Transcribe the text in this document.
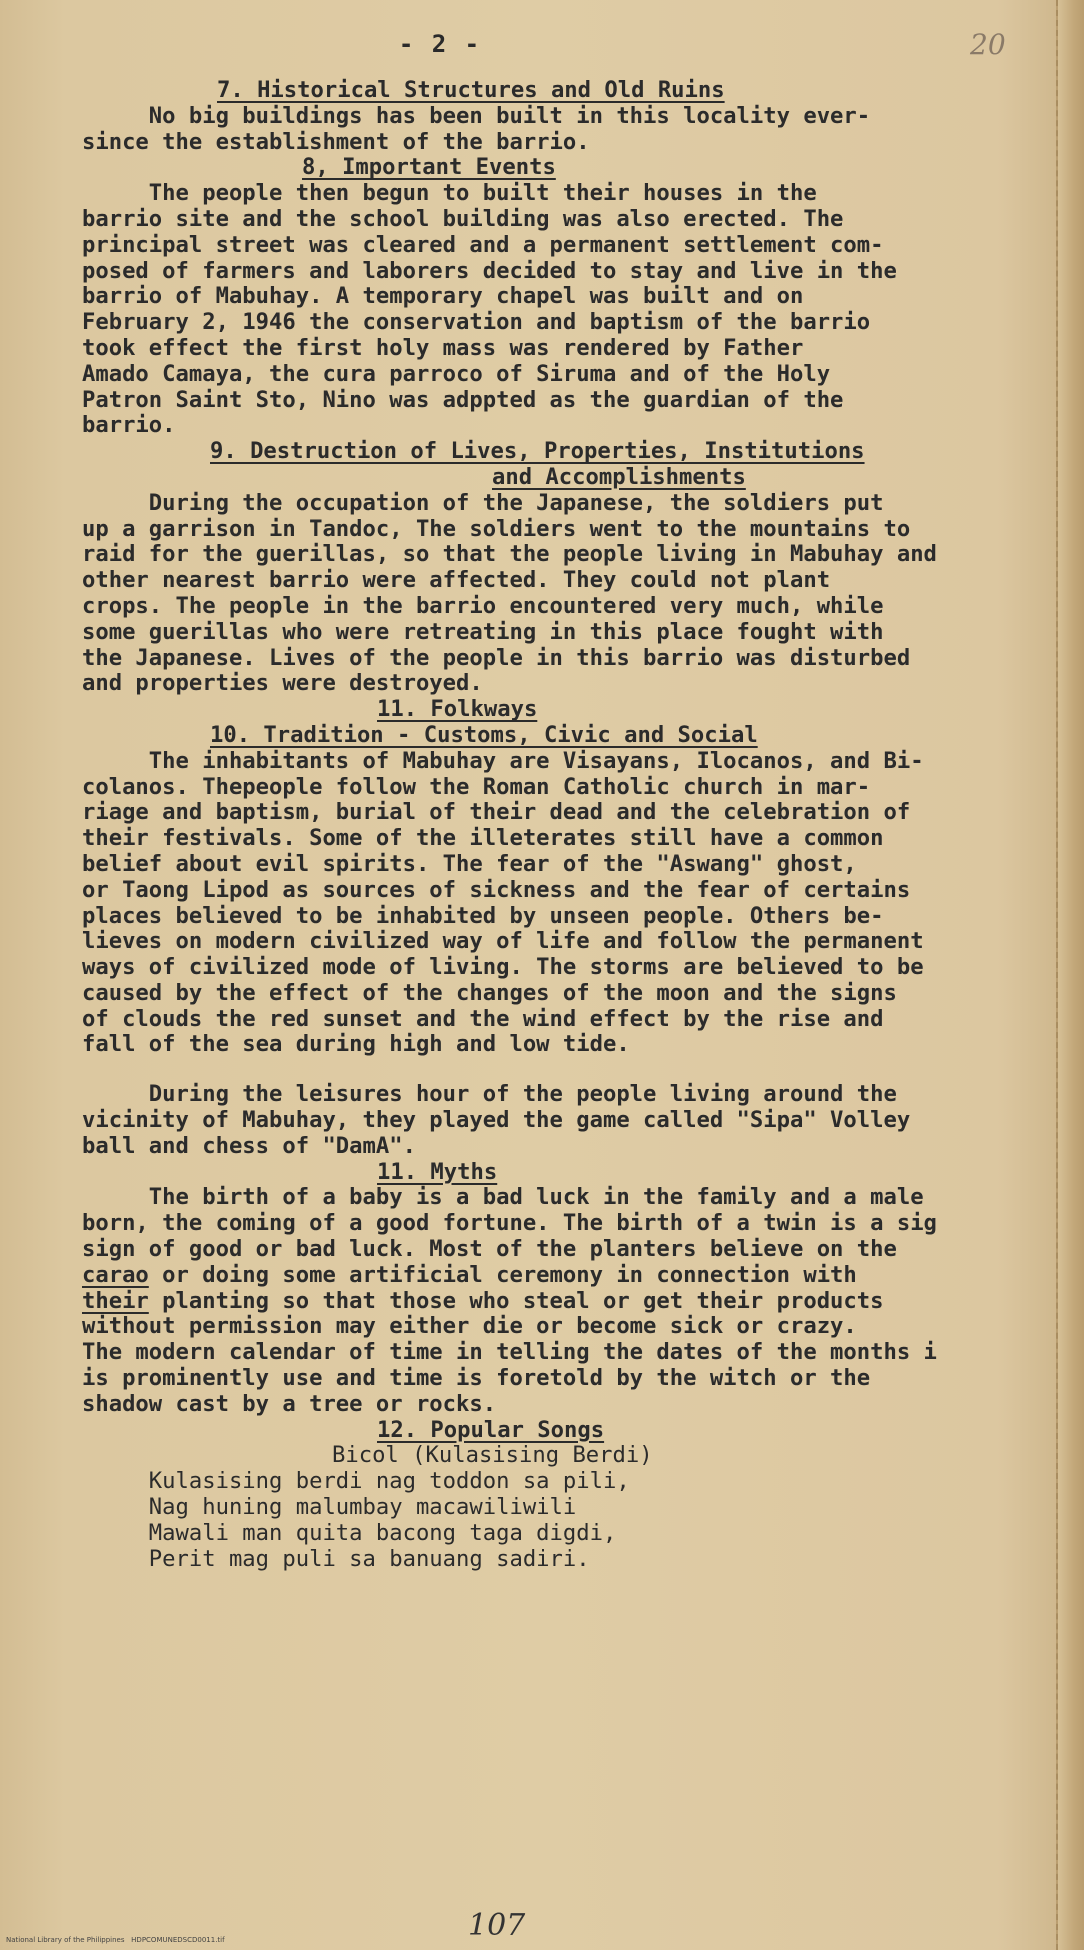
- 2 -	20

7. Historical Structures and Old Ruins

No big buildings has been built in this locality ever-

since the establishment of the barrio.

8, Important Events

The people then begun to built their houses in the

barrio site and the school building was also erected. The

principal street was cleared and a permanent settlement com-

posed of farmers and laborers decided to stay and live in the

barrio of Mabuhay. A temporary chapel was built and on

February 2, 1946 the conservation and baptism of the barrio

took effect the first holy mass was rendered by Father

Amado Camaya, the cura parroco of Siruma and of the Holy

Patron Saint Sto, Nino was adppted as the guardian of the

barrio.

9. Destruction of Lives, Properties, Institutions

and Accomplishments

During the occupation of the Japanese, the soldiers put

up a garrison in Tandoc, The soldiers went to the mountains to

raid for the guerillas, so that the people living in Mabuhay and

other nearest barrio were affected. They could not plant

crops. The people in the barrio encountered very much, while

some guerillas who were retreating in this place fought with

the Japanese. Lives of the people in this barrio was disturbed

and properties were destroyed.

11. Folkways

10. Tradition - Customs, Civic and Social

The inhabitants of Mabuhay are Visayans, Ilocanos, and Bi-

colanos. Thepeople follow the Roman Catholic church in mar-

riage and baptism, burial of their dead and the celebration of

their festivals. Some of the illeterates still have a common

belief about evil spirits. The fear of the "Aswang" ghost,

or Taong Lipod as sources of sickness and the fear of certains

places believed to be inhabited by unseen people. Others be-

lieves on modern civilized way of life and follow the permanent

ways of civilized mode of living. The storms are believed to be

caused by the effect of the changes of the moon and the signs

of clouds the red sunset and the wind effect by the rise and

fall of the sea during high and low tide.

During the leisures hour of the people living around the

vicinity of Mabuhay, they played the game called "Sipa" Volley

ball and chess of "DamA".

11. Myths

The birth of a baby is a bad luck in the family and a male

born, the coming of a good fortune. The birth of a twin is a sig

sign of good or bad luck. Most of the planters believe on the

carao or doing some artificial ceremony in connection with

their planting so that those who steal or get their products

without permission may either die or become sick or crazy.

The modern calendar of time in telling the dates of the months i

is prominently use and time is foretold by the witch or the

shadow cast by a tree or rocks.

12. Popular Songs

Bicol (Kulasising Berdi)

Kulasising berdi nag toddon sa pili,

Nag huning malumbay macawiliwili

Mawali man quita bacong taga digdi,

Perit mag puli sa banuang sadiri.

107
National Library of the Philippines   HDPCOMUNEDSCD0011.tif
